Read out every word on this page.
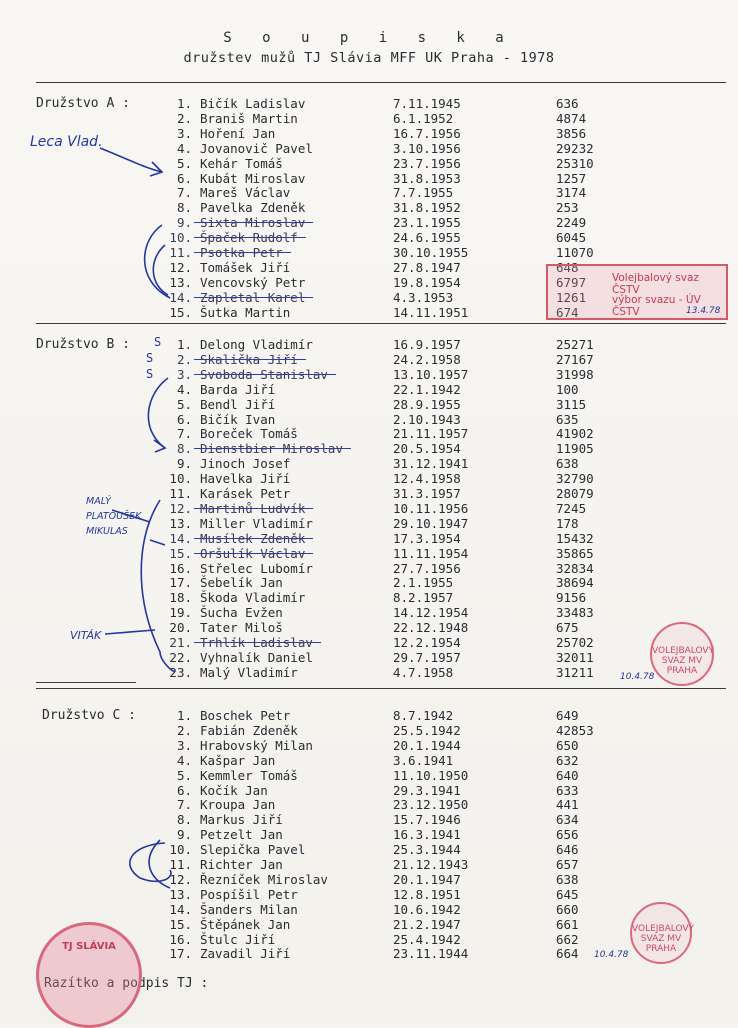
S o u p i s k a
družstev mužů TJ Slávia MFF UK Praha - 1978
Družstvo A :	1. Bičík Ladislav	7.11.1945	636
2. Braniš Martin	6.1.1952	4874
3. Hoření Jan	16.7.1956	3856
4. Jovanovič Pavel	3.10.1956	29232
5. Kehár Tomáš	23.7.1956	25310
6. Kubát Miroslav	31.8.1953	1257
7. Mareš Václav	7.7.1955	3174
8. Pavelka Zdeněk	31.8.1952	253
9. Sixta Miroslav	23.1.1955	2249
10. Špaček Rudolf	24.6.1955	6045
11. Psotka Petr	30.10.1955	11070
12. Tomášek Jiří	27.8.1947	648
13. Vencovský Petr	19.8.1954	6797
14. Zapletal Karel	4.3.1953	1261
15. Šutka Martin	14.11.1951	674
Družstvo B :	1. Delong Vladimír	16.9.1957	25271
2. Skalička Jiří	24.2.1958	27167
3. Svoboda Stanislav	13.10.1957	31998
4. Barda Jiří	22.1.1942	100
5. Bendl Jiří	28.9.1955	3115
6. Bičík Ivan	2.10.1943	635
7. Boreček Tomáš	21.11.1957	41902
8. Dienstbier Miroslav	20.5.1954	11905
9. Jinoch Josef	31.12.1941	638
10. Havelka Jiří	12.4.1958	32790
11. Karásek Petr	31.3.1957	28079
12. Martinů Ludvík	10.11.1956	7245
13. Miller Vladimír	29.10.1947	178
14. Musílek Zdeněk	17.3.1954	15432
15. Oršulík Václav	11.11.1954	35865
16. Střelec Lubomír	27.7.1956	32834
17. Šebelík Jan	2.1.1955	38694
18. Škoda Vladimír	8.2.1957	9156
19. Šucha Evžen	14.12.1954	33483
20. Tater Miloš	22.12.1948	675
21. Trhlík Ladislav	12.2.1954	25702
22. Vyhnalík Daniel	29.7.1957	32011
23. Malý Vladimír	4.7.1958	31211
Družstvo C :	1. Boschek Petr	8.7.1942	649
2. Fabián Zdeněk	25.5.1942	42853
3. Hrabovský Milan	20.1.1944	650
4. Kašpar Jan	3.6.1941	632
5. Kemmler Tomáš	11.10.1950	640
6. Kočík Jan	29.3.1941	633
7. Kroupa Jan	23.12.1950	441
8. Markus Jiří	15.7.1946	634
9. Petzelt Jan	16.3.1941	656
10. Slepička Pavel	25.3.1944	646
11. Richter Jan	21.12.1943	657
12. Řezníček Miroslav	20.1.1947	638
13. Pospíšil Petr	12.8.1951	645
14. Šanders Milan	10.6.1942	660
15. Štěpánek Jan	21.2.1947	661
16. Štulc Jiří	25.4.1942	662
17. Zavadil Jiří	23.11.1944	664
Razítko a podpis TJ :
Leca Vlad.
MALÝ PLATOUŠEK MIKULAS
VITÁK
S
S
S
Volejbalový svaz ČSTV
výbor svazu - ÚV ČSTV	13.4.78
VOLEJBALOVÝ SVAZ MV PRAHA
10.4.78
VOLEJBALOVÝ SVAZ MV PRAHA
10.4.78
TJ SLÁVIA
